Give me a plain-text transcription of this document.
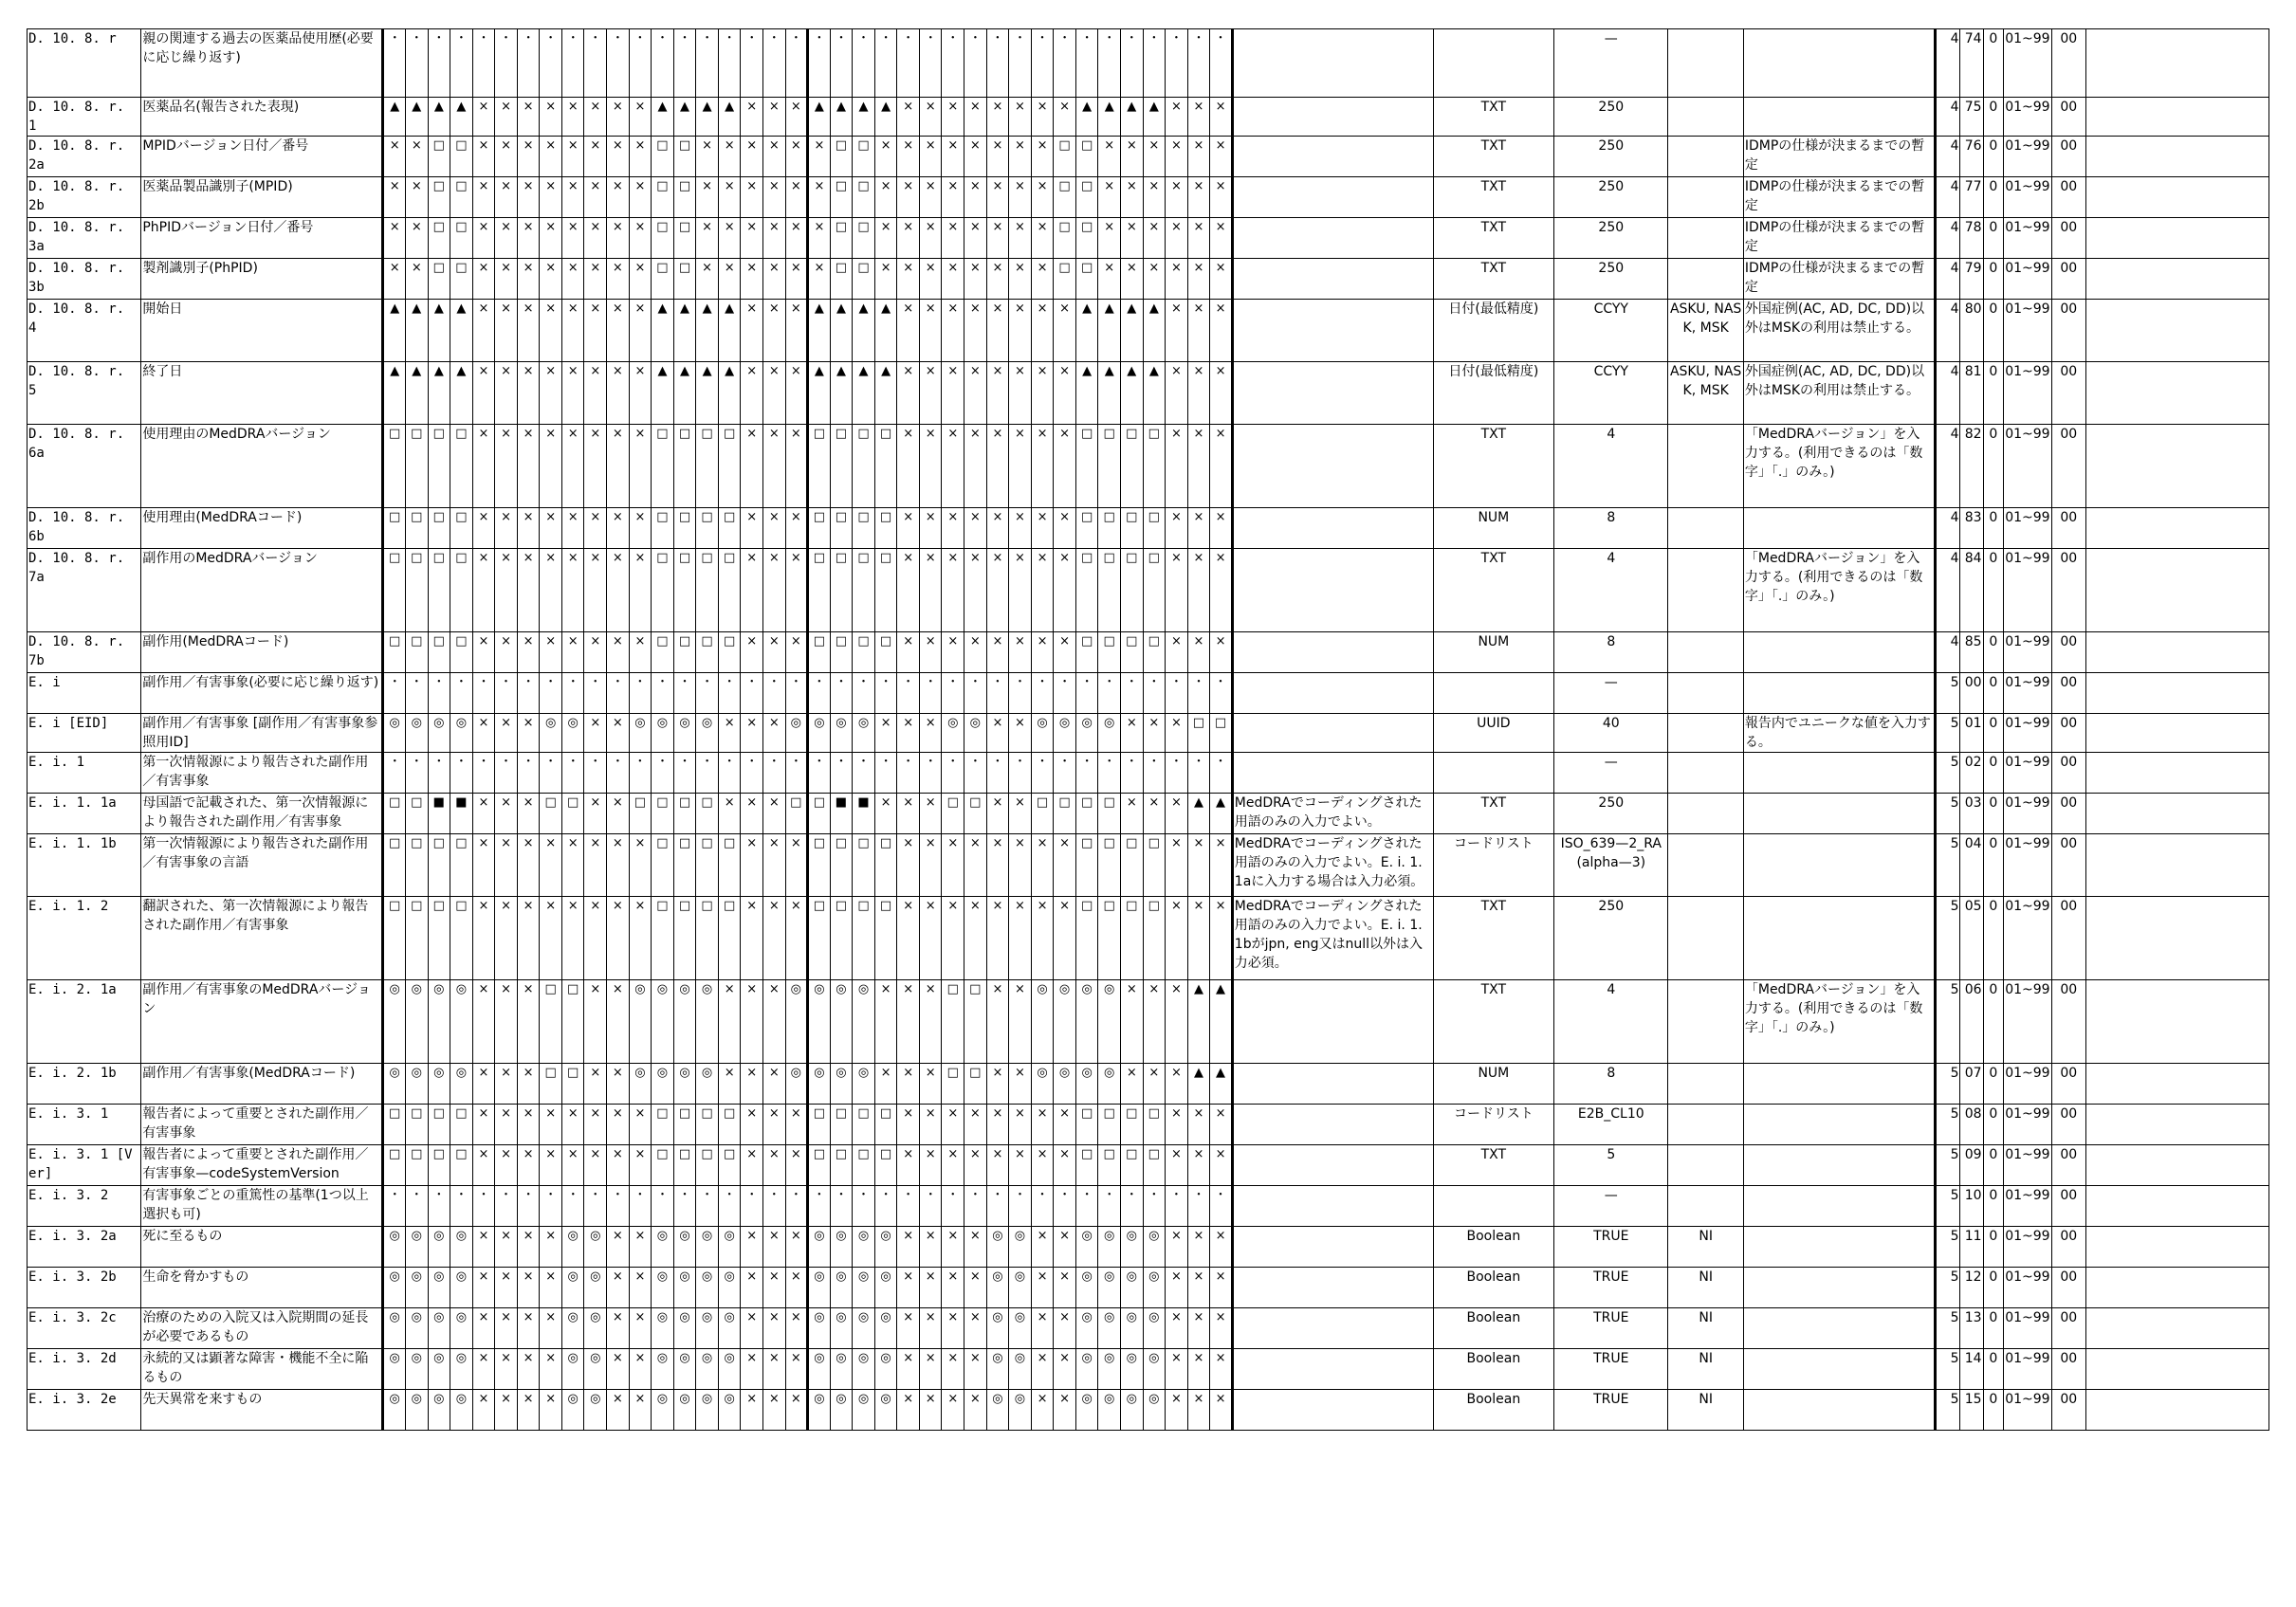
D. 10. 8. r	親の関連する過去の医薬品使用歴(必要に応じ繰り返す)	・	・	・	・	・	・	・	・	・	・	・	・	・	・	・	・	・	・	・	・	・	・	・	・	・	・	・	・	・	・	・	・	・	・	・	・	・	・			—			4	74	0	01~99	00	
D. 10. 8. r. 1	医薬品名(報告された表現)	▲	▲	▲	▲	×	×	×	×	×	×	×	×	▲	▲	▲	▲	×	×	×	▲	▲	▲	▲	×	×	×	×	×	×	×	×	▲	▲	▲	▲	×	×	×		TXT	250			4	75	0	01~99	00	
D. 10. 8. r. 2a	MPIDバージョン日付／番号	×	×	□	□	×	×	×	×	×	×	×	×	□	□	×	×	×	×	×	×	□	□	×	×	×	×	×	×	×	×	□	□	×	×	×	×	×	×		TXT	250		IDMPの仕様が決まるまでの暫定	4	76	0	01~99	00	
D. 10. 8. r. 2b	医薬品製品識別子(MPID)	×	×	□	□	×	×	×	×	×	×	×	×	□	□	×	×	×	×	×	×	□	□	×	×	×	×	×	×	×	×	□	□	×	×	×	×	×	×		TXT	250		IDMPの仕様が決まるまでの暫定	4	77	0	01~99	00	
D. 10. 8. r. 3a	PhPIDバージョン日付／番号	×	×	□	□	×	×	×	×	×	×	×	×	□	□	×	×	×	×	×	×	□	□	×	×	×	×	×	×	×	×	□	□	×	×	×	×	×	×		TXT	250		IDMPの仕様が決まるまでの暫定	4	78	0	01~99	00	
D. 10. 8. r. 3b	製剤識別子(PhPID)	×	×	□	□	×	×	×	×	×	×	×	×	□	□	×	×	×	×	×	×	□	□	×	×	×	×	×	×	×	×	□	□	×	×	×	×	×	×		TXT	250		IDMPの仕様が決まるまでの暫定	4	79	0	01~99	00	
D. 10. 8. r. 4	開始日	▲	▲	▲	▲	×	×	×	×	×	×	×	×	▲	▲	▲	▲	×	×	×	▲	▲	▲	▲	×	×	×	×	×	×	×	×	▲	▲	▲	▲	×	×	×		日付(最低精度)	CCYY	ASKU, NASK, MSK	外国症例(AC, AD, DC, DD)以外はMSKの利用は禁止する。	4	80	0	01~99	00	
D. 10. 8. r. 5	終了日	▲	▲	▲	▲	×	×	×	×	×	×	×	×	▲	▲	▲	▲	×	×	×	▲	▲	▲	▲	×	×	×	×	×	×	×	×	▲	▲	▲	▲	×	×	×		日付(最低精度)	CCYY	ASKU, NASK, MSK	外国症例(AC, AD, DC, DD)以外はMSKの利用は禁止する。	4	81	0	01~99	00	
D. 10. 8. r. 6a	使用理由のMedDRAバージョン	□	□	□	□	×	×	×	×	×	×	×	×	□	□	□	□	×	×	×	□	□	□	□	×	×	×	×	×	×	×	×	□	□	□	□	×	×	×		TXT	4		「MedDRAバージョン」を入力する。(利用できるのは「数字」「.」のみ。)	4	82	0	01~99	00	
D. 10. 8. r. 6b	使用理由(MedDRAコード)	□	□	□	□	×	×	×	×	×	×	×	×	□	□	□	□	×	×	×	□	□	□	□	×	×	×	×	×	×	×	×	□	□	□	□	×	×	×		NUM	8			4	83	0	01~99	00	
D. 10. 8. r. 7a	副作用のMedDRAバージョン	□	□	□	□	×	×	×	×	×	×	×	×	□	□	□	□	×	×	×	□	□	□	□	×	×	×	×	×	×	×	×	□	□	□	□	×	×	×		TXT	4		「MedDRAバージョン」を入力する。(利用できるのは「数字」「.」のみ。)	4	84	0	01~99	00	
D. 10. 8. r. 7b	副作用(MedDRAコード)	□	□	□	□	×	×	×	×	×	×	×	×	□	□	□	□	×	×	×	□	□	□	□	×	×	×	×	×	×	×	×	□	□	□	□	×	×	×		NUM	8			4	85	0	01~99	00	
E. i	副作用／有害事象(必要に応じ繰り返す)	・	・	・	・	・	・	・	・	・	・	・	・	・	・	・	・	・	・	・	・	・	・	・	・	・	・	・	・	・	・	・	・	・	・	・	・	・	・			—			5	00	0	01~99	00	
E. i [EID]	副作用／有害事象 [副作用／有害事象参照用ID]	◎	◎	◎	◎	×	×	×	◎	◎	×	×	◎	◎	◎	◎	×	×	×	◎	◎	◎	◎	×	×	×	◎	◎	×	×	◎	◎	◎	◎	×	×	×	□	□		UUID	40		報告内でユニークな値を入力する。	5	01	0	01~99	00	
E. i. 1	第一次情報源により報告された副作用／有害事象	・	・	・	・	・	・	・	・	・	・	・	・	・	・	・	・	・	・	・	・	・	・	・	・	・	・	・	・	・	・	・	・	・	・	・	・	・	・			—			5	02	0	01~99	00	
E. i. 1. 1a	母国語で記載された、第一次情報源により報告された副作用／有害事象	□	□	■	■	×	×	×	□	□	×	×	□	□	□	□	×	×	×	□	□	■	■	×	×	×	□	□	×	×	□	□	□	□	×	×	×	▲	▲	MedDRAでコーディングされた用語のみの入力でよい。	TXT	250			5	03	0	01~99	00	
E. i. 1. 1b	第一次情報源により報告された副作用／有害事象の言語	□	□	□	□	×	×	×	×	×	×	×	×	□	□	□	□	×	×	×	□	□	□	□	×	×	×	×	×	×	×	×	□	□	□	□	×	×	×	MedDRAでコーディングされた用語のみの入力でよい。E. i. 1. 1aに入力する場合は入力必須。	コードリスト	ISO_639—2_RA(alpha—3)			5	04	0	01~99	00	
E. i. 1. 2	翻訳された、第一次情報源により報告された副作用／有害事象	□	□	□	□	×	×	×	×	×	×	×	×	□	□	□	□	×	×	×	□	□	□	□	×	×	×	×	×	×	×	×	□	□	□	□	×	×	×	MedDRAでコーディングされた用語のみの入力でよい。E. i. 1. 1bがjpn, eng又はnull以外は入力必須。	TXT	250			5	05	0	01~99	00	
E. i. 2. 1a	副作用／有害事象のMedDRAバージョン	◎	◎	◎	◎	×	×	×	□	□	×	×	◎	◎	◎	◎	×	×	×	◎	◎	◎	◎	×	×	×	□	□	×	×	◎	◎	◎	◎	×	×	×	▲	▲		TXT	4		「MedDRAバージョン」を入力する。(利用できるのは「数字」「.」のみ。)	5	06	0	01~99	00	
E. i. 2. 1b	副作用／有害事象(MedDRAコード)	◎	◎	◎	◎	×	×	×	□	□	×	×	◎	◎	◎	◎	×	×	×	◎	◎	◎	◎	×	×	×	□	□	×	×	◎	◎	◎	◎	×	×	×	▲	▲		NUM	8			5	07	0	01~99	00	
E. i. 3. 1	報告者によって重要とされた副作用／有害事象	□	□	□	□	×	×	×	×	×	×	×	×	□	□	□	□	×	×	×	□	□	□	□	×	×	×	×	×	×	×	×	□	□	□	□	×	×	×		コードリスト	E2B_CL10			5	08	0	01~99	00	
E. i. 3. 1 [Ver]	報告者によって重要とされた副作用／有害事象—codeSystemVersion	□	□	□	□	×	×	×	×	×	×	×	×	□	□	□	□	×	×	×	□	□	□	□	×	×	×	×	×	×	×	×	□	□	□	□	×	×	×		TXT	5			5	09	0	01~99	00	
E. i. 3. 2	有害事象ごとの重篤性の基準(1つ以上選択も可)	・	・	・	・	・	・	・	・	・	・	・	・	・	・	・	・	・	・	・	・	・	・	・	・	・	・	・	・	・	・	・	・	・	・	・	・	・	・			—			5	10	0	01~99	00	
E. i. 3. 2a	死に至るもの	◎	◎	◎	◎	×	×	×	×	◎	◎	×	×	◎	◎	◎	◎	×	×	×	◎	◎	◎	◎	×	×	×	×	◎	◎	×	×	◎	◎	◎	◎	×	×	×		Boolean	TRUE	NI		5	11	0	01~99	00	
E. i. 3. 2b	生命を脅かすもの	◎	◎	◎	◎	×	×	×	×	◎	◎	×	×	◎	◎	◎	◎	×	×	×	◎	◎	◎	◎	×	×	×	×	◎	◎	×	×	◎	◎	◎	◎	×	×	×		Boolean	TRUE	NI		5	12	0	01~99	00	
E. i. 3. 2c	治療のための入院又は入院期間の延長が必要であるもの	◎	◎	◎	◎	×	×	×	×	◎	◎	×	×	◎	◎	◎	◎	×	×	×	◎	◎	◎	◎	×	×	×	×	◎	◎	×	×	◎	◎	◎	◎	×	×	×		Boolean	TRUE	NI		5	13	0	01~99	00	
E. i. 3. 2d	永続的又は顕著な障害・機能不全に陥るもの	◎	◎	◎	◎	×	×	×	×	◎	◎	×	×	◎	◎	◎	◎	×	×	×	◎	◎	◎	◎	×	×	×	×	◎	◎	×	×	◎	◎	◎	◎	×	×	×		Boolean	TRUE	NI		5	14	0	01~99	00	
E. i. 3. 2e	先天異常を来すもの	◎	◎	◎	◎	×	×	×	×	◎	◎	×	×	◎	◎	◎	◎	×	×	×	◎	◎	◎	◎	×	×	×	×	◎	◎	×	×	◎	◎	◎	◎	×	×	×		Boolean	TRUE	NI		5	15	0	01~99	00	
